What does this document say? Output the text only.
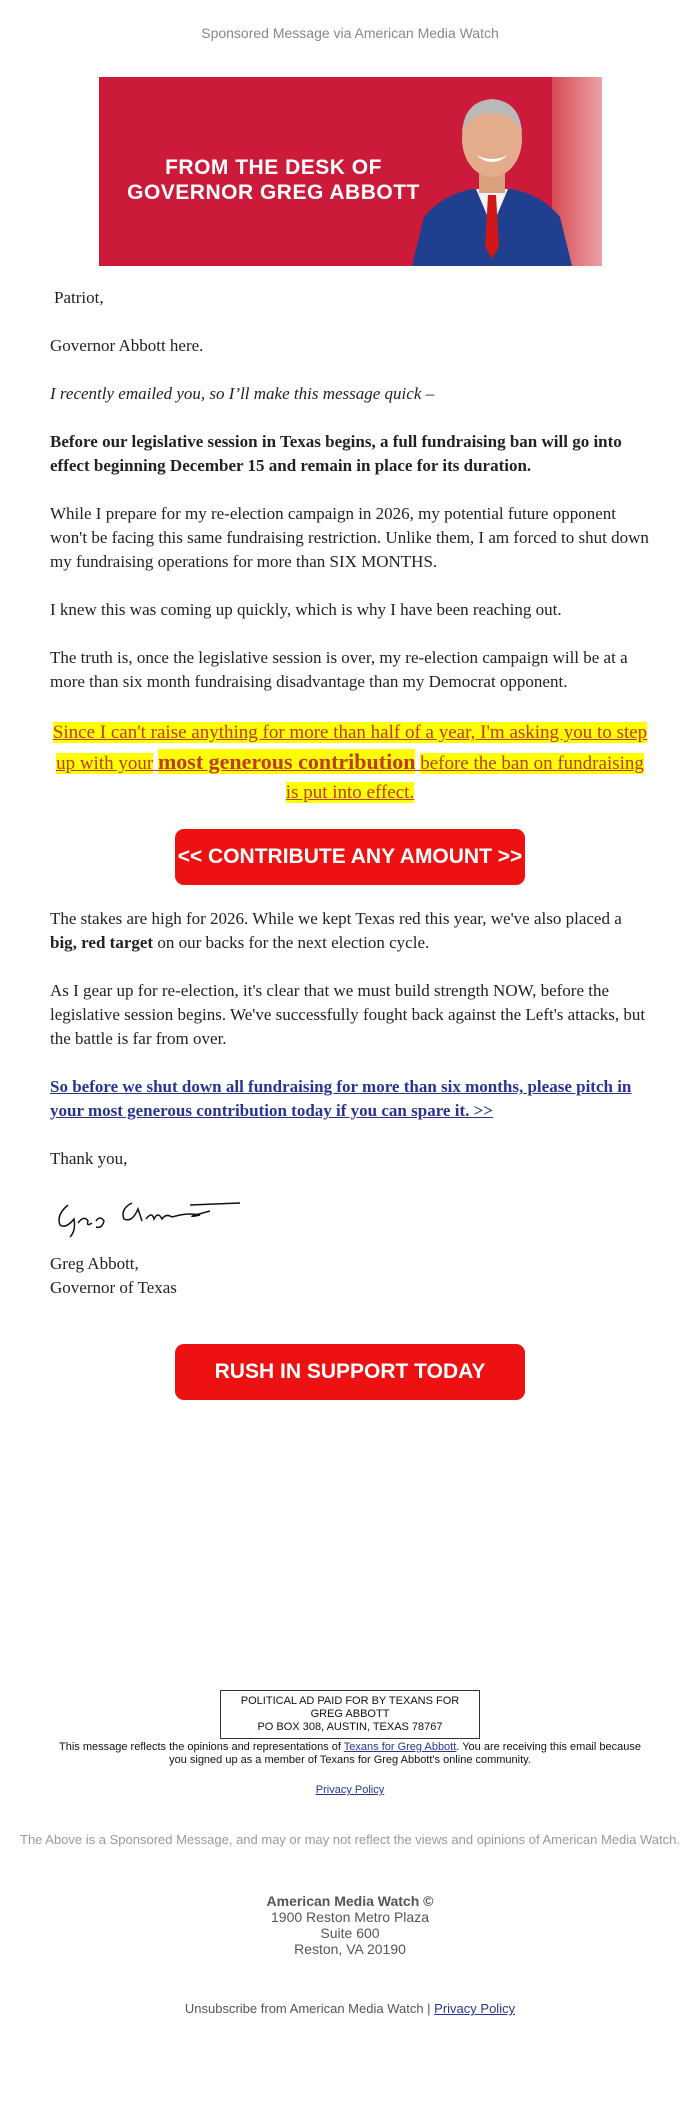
Sponsored Message via American Media Watch
FROM THE DESK OF
GOVERNOR GREG ABBOTT

Patriot,

Governor Abbott here.

I recently emailed you, so I’ll make this message quick –

Before our legislative session in Texas begins, a full fundraising ban will go into effect beginning December 15 and remain in place for its duration.

While I prepare for my re-election campaign in 2026, my potential future opponent won't be facing this same fundraising restriction. Unlike them, I am forced to shut down my fundraising operations for more than SIX MONTHS.

I knew this was coming up quickly, which is why I have been reaching out.

The truth is, once the legislative session is over, my re-election campaign will be at a more than six month fundraising disadvantage than my Democrat opponent.

Since I can't raise anything for more than half of a year, I'm asking you to step up with your most generous contribution before the ban on fundraising is put into effect.
<< CONTRIBUTE ANY AMOUNT >>

The stakes are high for 2026. While we kept Texas red this year, we've also placed a big, red target on our backs for the next election cycle.

As I gear up for re-election, it's clear that we must build strength NOW, before the legislative session begins. We've successfully fought back against the Left's attacks, but the battle is far from over.

So before we shut down all fundraising for more than six months, please pitch in your most generous contribution today if you can spare it. >>

Thank you,

Greg Abbott,
Governor of Texas
RUSH IN SUPPORT TODAY
POLITICAL AD PAID FOR BY TEXANS FOR
GREG ABBOTT
PO BOX 308, AUSTIN, TEXAS 78767
This message reflects the opinions and representations of Texans for Greg Abbott. You are receiving this email because you signed up as a member of Texans for Greg Abbott's online community.
Privacy Policy
The Above is a Sponsored Message, and may or may not reflect the views and opinions of American Media Watch.
American Media Watch ©
1900 Reston Metro Plaza
Suite 600
Reston, VA 20190
Unsubscribe from American Media Watch | Privacy Policy
